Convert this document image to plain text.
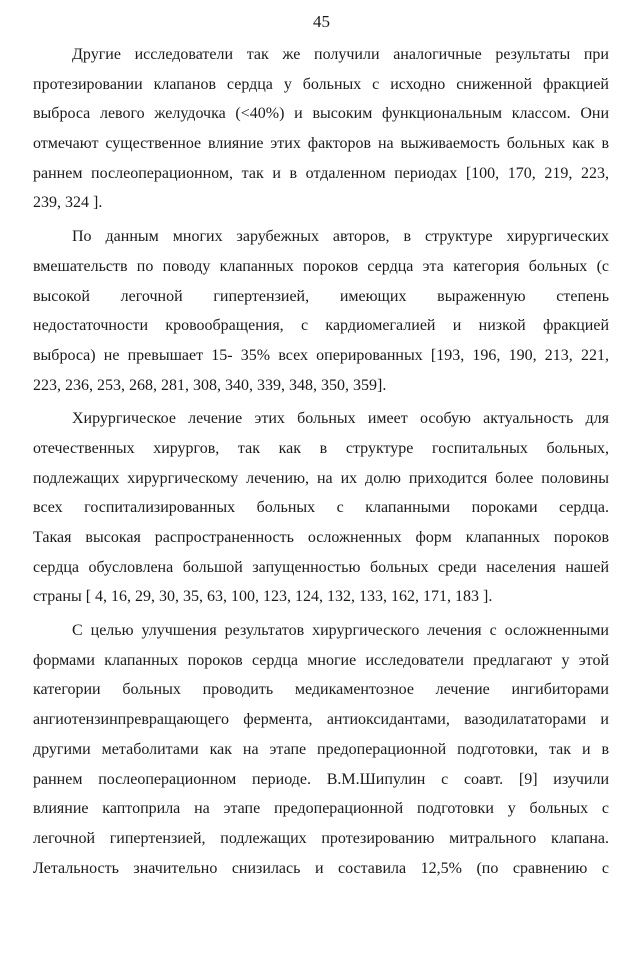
45
Другие исследователи так же получили аналогичные результаты при
протезировании клапанов сердца у больных с исходно сниженной фракцией
выброса левого желудочка (<40%) и высоким функциональным классом. Они
отмечают существенное влияние этих факторов на выживаемость больных как в
раннем послеоперационном, так и в отдаленном периодах [100, 170, 219, 223,
239, 324 ].
По данным многих зарубежных авторов, в структуре хирургических
вмешательств по поводу клапанных пороков сердца эта категория больных (с
высокой легочной гипертензией, имеющих выраженную степень
недостаточности кровообращения, с кардиомегалией и низкой фракцией
выброса) не превышает 15- 35% всех оперированных [193, 196, 190, 213, 221,
223, 236, 253, 268, 281, 308, 340, 339, 348, 350, 359].
Хирургическое лечение этих больных имеет особую актуальность для
отечественных хирургов, так как в структуре госпитальных больных,
подлежащих хирургическому лечению, на их долю приходится более половины
всех госпитализированных больных с клапанными пороками сердца.
Такая высокая распространенность осложненных форм клапанных пороков
сердца обусловлена большой запущенностью больных среди населения нашей
страны [ 4, 16, 29, 30, 35, 63, 100, 123, 124, 132, 133, 162, 171, 183 ].
С целью улучшения результатов хирургического лечения с осложненными
формами клапанных пороков сердца многие исследователи предлагают у этой
категории больных проводить медикаментозное лечение ингибиторами
ангиотензинпревращающего фермента, антиоксидантами, вазодилататорами и
другими метаболитами как на этапе предоперационной подготовки, так и в
раннем послеоперационном периоде. В.М.Шипулин с соавт. [9] изучили
влияние каптоприла на этапе предоперационной подготовки у больных с
легочной гипертензией, подлежащих протезированию митрального клапана.
Летальность значительно снизилась и составила 12,5% (по сравнению с
